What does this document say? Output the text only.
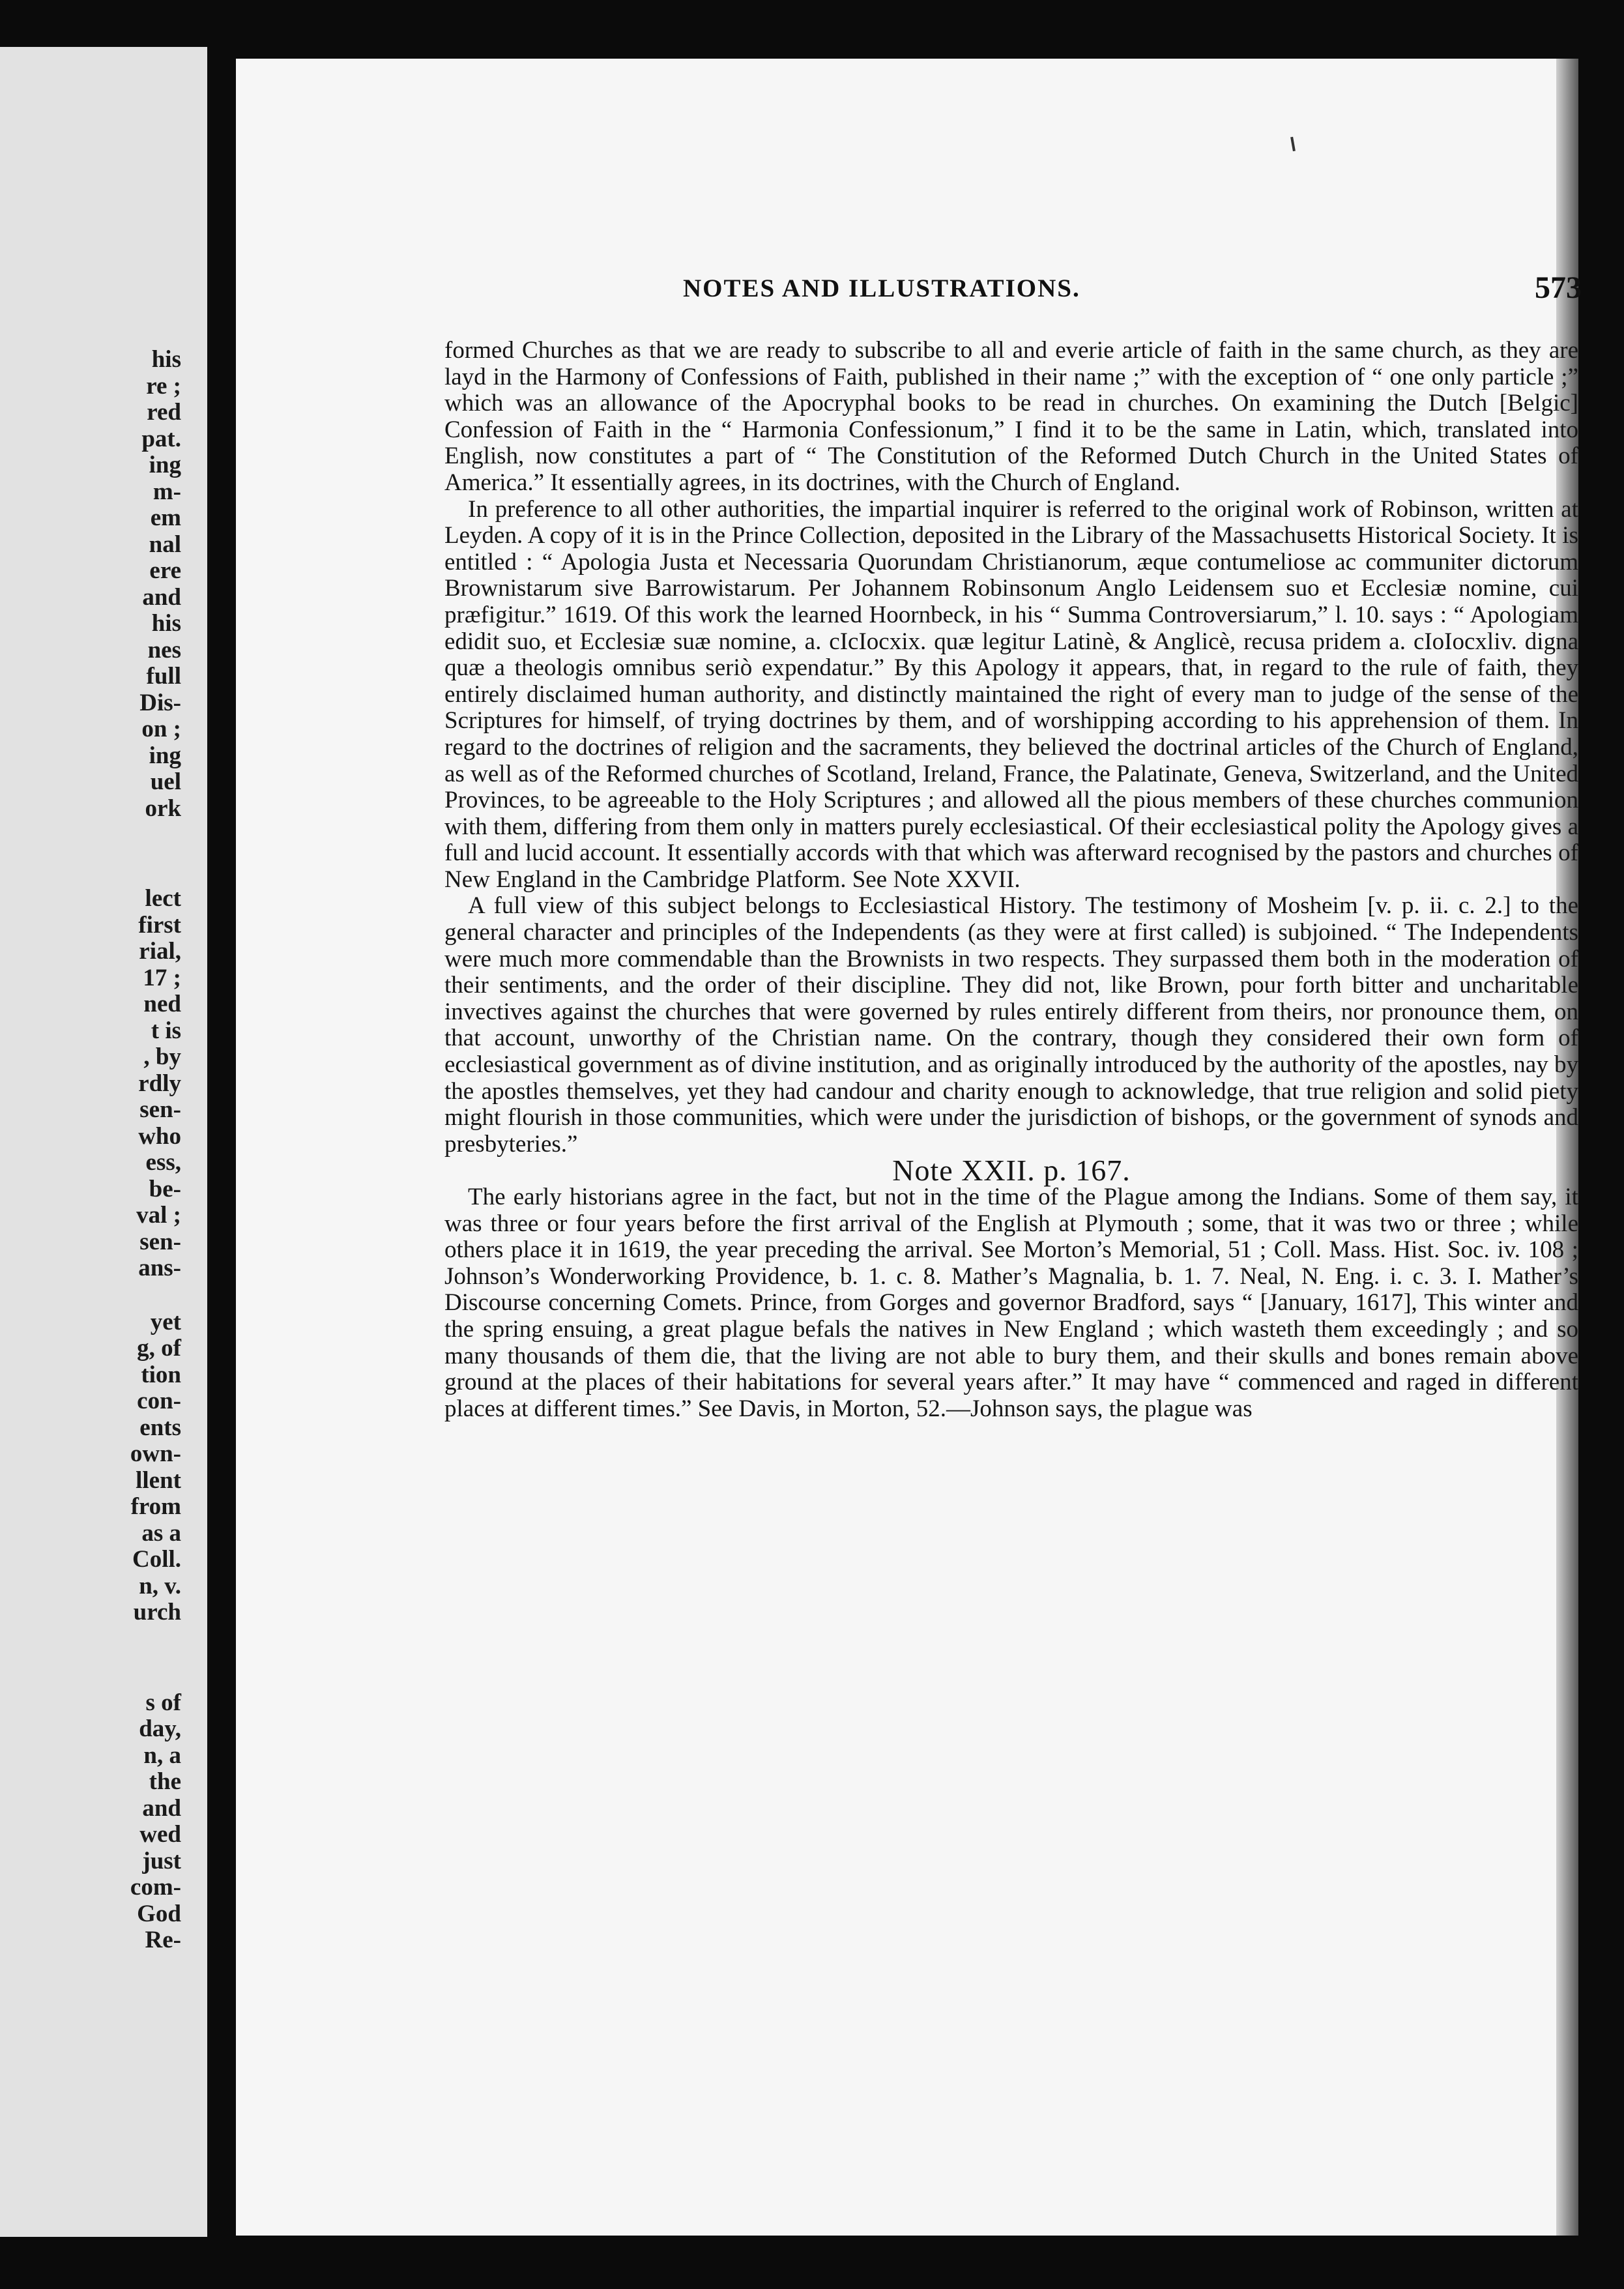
his
re ;
red
pat.
ing
m-
em
nal
ere
and
his
nes
full
Dis-
on ;
ing
uel
ork
lect
first
rial,
17 ;
ned
t is
, by
rdly
sen-
who
ess,
be-
val ;
sen-
ans-
yet
g, of
tion
con-
ents
own-
llent
from
as a
Coll.
n, v.
urch
s of
day,
n, a
the
and
wed
just
com-
God
Re-
NOTES AND ILLUSTRATIONS.	573

formed Churches as that we are ready to subscribe to all and everie article of faith in the same church, as they are layd in the Harmony of Confessions of Faith, published in their name ;” with the exception of “ one only particle ;” which was an allowance of the Apocryphal books to be read in churches. On examining the Dutch [Belgic] Confession of Faith in the “ Harmonia Confessionum,” I find it to be the same in Latin, which, translated into English, now constitutes a part of “ The Constitution of the Reformed Dutch Church in the United States of America.” It essentially agrees, in its doctrines, with the Church of England.

In preference to all other authorities, the impartial inquirer is referred to the original work of Robinson, written at Leyden. A copy of it is in the Prince Collection, deposited in the Library of the Massachusetts Historical Society. It is entitled : “ Apologia Justa et Necessaria Quorundam Christianorum, æque contumeliose ac communiter dictorum Brownistarum sive Barrowistarum. Per Johannem Robinsonum Anglo Leidensem suo et Ecclesiæ nomine, cui præfigitur.” 1619. Of this work the learned Hoornbeck, in his “ Summa Controversiarum,” l. 10. says : “ Apologiam edidit suo, et Ecclesiæ suæ nomine, a. cIcIocxix. quæ legitur Latinè, & Anglicè, recusa pridem a. cIoIocxliv. digna quæ a theologis omnibus seriò expendatur.” By this Apology it appears, that, in regard to the rule of faith, they entirely disclaimed human authority, and distinctly maintained the right of every man to judge of the sense of the Scriptures for himself, of trying doctrines by them, and of worshipping according to his apprehension of them. In regard to the doctrines of religion and the sacraments, they believed the doctrinal articles of the Church of England, as well as of the Reformed churches of Scotland, Ireland, France, the Palatinate, Geneva, Switzerland, and the United Provinces, to be agreeable to the Holy Scriptures ; and allowed all the pious members of these churches communion with them, differing from them only in matters purely ecclesiastical. Of their ecclesiastical polity the Apology gives a full and lucid account. It essentially accords with that which was afterward recognised by the pastors and churches of New England in the Cambridge Platform. See Note XXVII.

A full view of this subject belongs to Ecclesiastical History. The testimony of Mosheim [v. p. ii. c. 2.] to the general character and principles of the Independents (as they were at first called) is subjoined. “ The Independents were much more commendable than the Brownists in two respects. They surpassed them both in the moderation of their sentiments, and the order of their discipline. They did not, like Brown, pour forth bitter and uncharitable invectives against the churches that were governed by rules entirely different from theirs, nor pronounce them, on that account, unworthy of the Christian name. On the contrary, though they considered their own form of ecclesiastical government as of divine institution, and as originally introduced by the authority of the apostles, nay by the apostles themselves, yet they had candour and charity enough to acknowledge, that true religion and solid piety might flourish in those communities, which were under the jurisdiction of bishops, or the government of synods and presbyteries.”

Note XXII. p. 167.

The early historians agree in the fact, but not in the time of the Plague among the Indians. Some of them say, it was three or four years before the first arrival of the English at Plymouth ; some, that it was two or three ; while others place it in 1619, the year preceding the arrival. See Morton’s Memorial, 51 ; Coll. Mass. Hist. Soc. iv. 108 ; Johnson’s Wonderworking Providence, b. 1. c. 8. Mather’s Magnalia, b. 1. 7. Neal, N. Eng. i. c. 3. I. Mather’s Discourse concerning Comets. Prince, from Gorges and governor Bradford, says “ [January, 1617], This winter and the spring ensuing, a great plague befals the natives in New England ; which wasteth them exceedingly ; and so many thousands of them die, that the living are not able to bury them, and their skulls and bones remain above ground at the places of their habitations for several years after.” It may have “ commenced and raged in different places at different times.” See Davis, in Morton, 52.—Johnson says, the plague was
